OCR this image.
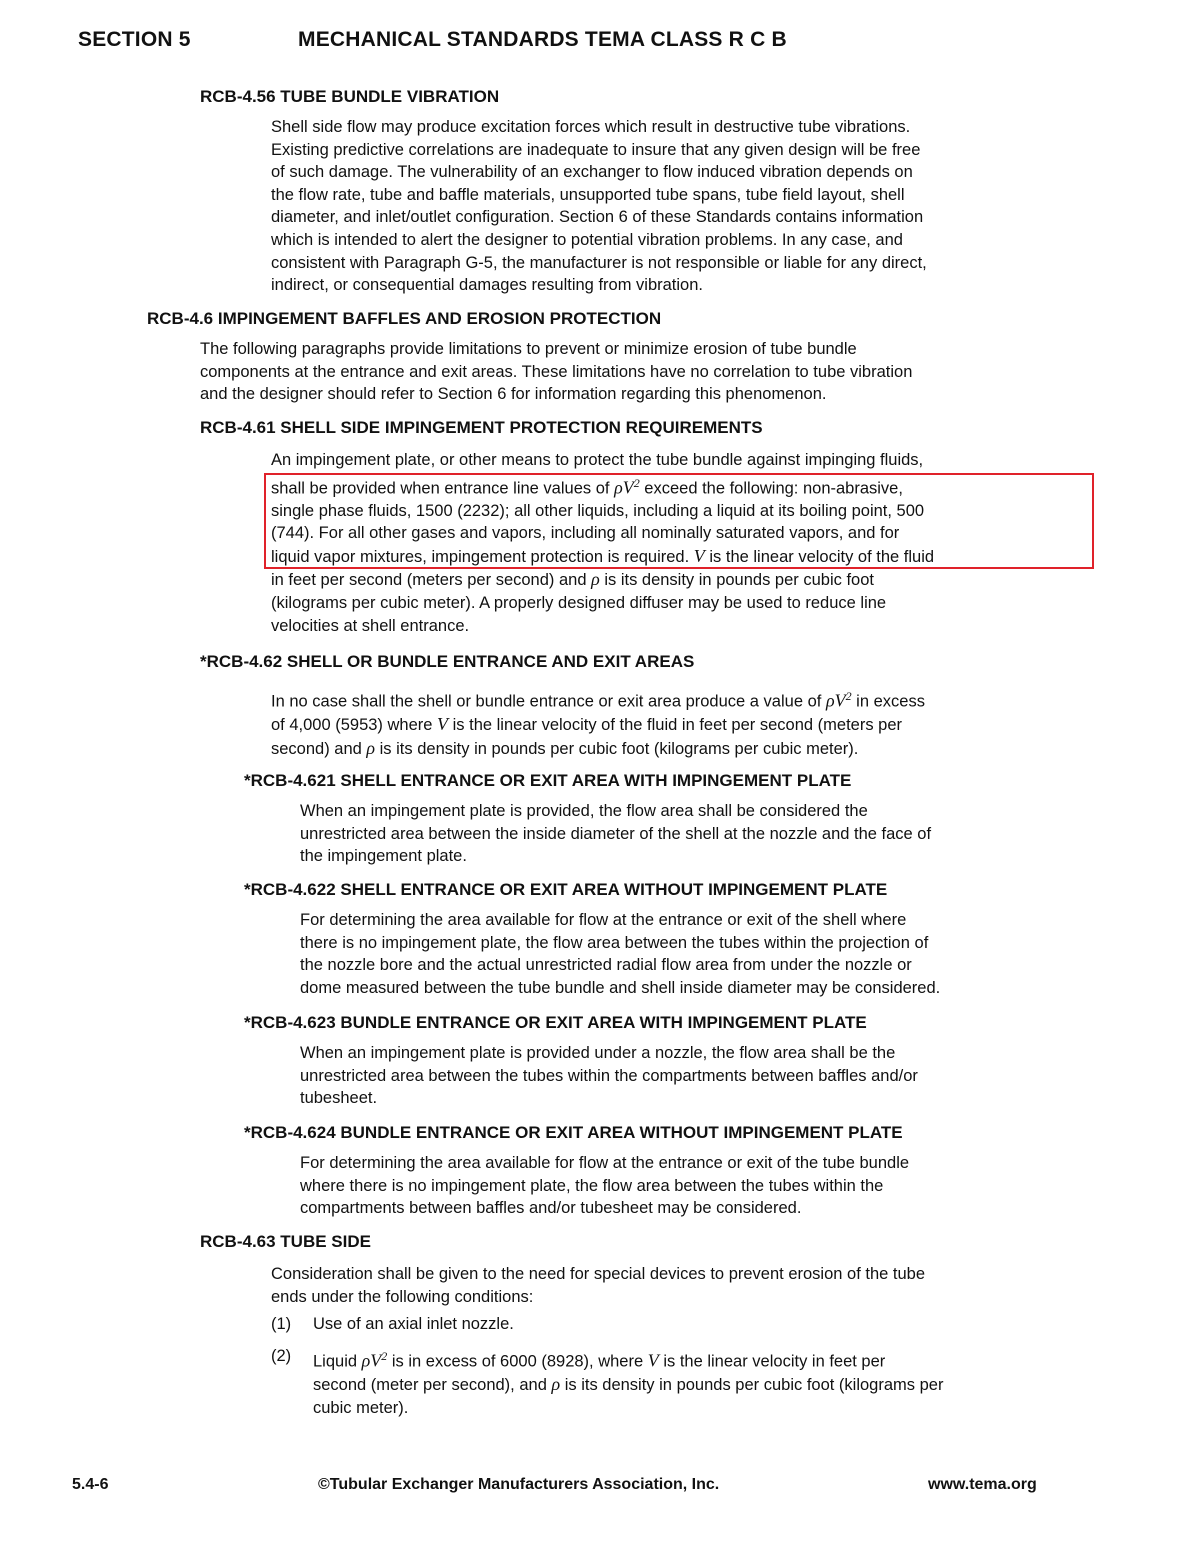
SECTION 5	MECHANICAL STANDARDS TEMA CLASS R C B
RCB-4.56 TUBE BUNDLE VIBRATION
Shell side flow may produce excitation forces which result in destructive tube vibrations.
Existing predictive correlations are inadequate to insure that any given design will be free
of such damage. The vulnerability of an exchanger to flow induced vibration depends on
the flow rate, tube and baffle materials, unsupported tube spans, tube field layout, shell
diameter, and inlet/outlet configuration. Section 6 of these Standards contains information
which is intended to alert the designer to potential vibration problems. In any case, and
consistent with Paragraph G-5, the manufacturer is not responsible or liable for any direct,
indirect, or consequential damages resulting from vibration.
RCB-4.6 IMPINGEMENT BAFFLES AND EROSION PROTECTION
The following paragraphs provide limitations to prevent or minimize erosion of tube bundle
components at the entrance and exit areas. These limitations have no correlation to tube vibration
and the designer should refer to Section 6 for information regarding this phenomenon.
RCB-4.61 SHELL SIDE IMPINGEMENT PROTECTION REQUIREMENTS
An impingement plate, or other means to protect the tube bundle against impinging fluids,
shall be provided when entrance line values of $\rho V^2$ exceed the following: non-abrasive,
single phase fluids, 1500 (2232); all other liquids, including a liquid at its boiling point, 500
(744). For all other gases and vapors, including all nominally saturated vapors, and for
liquid vapor mixtures, impingement protection is required. V is the linear velocity of the fluid
in feet per second (meters per second) and ρ is its density in pounds per cubic foot
(kilograms per cubic meter). A properly designed diffuser may be used to reduce line
velocities at shell entrance.
*RCB-4.62 SHELL OR BUNDLE ENTRANCE AND EXIT AREAS
In no case shall the shell or bundle entrance or exit area produce a value of $\rho V^2$ in excess
of 4,000 (5953) where V is the linear velocity of the fluid in feet per second (meters per
second) and ρ is its density in pounds per cubic foot (kilograms per cubic meter).
*RCB-4.621 SHELL ENTRANCE OR EXIT AREA WITH IMPINGEMENT PLATE
When an impingement plate is provided, the flow area shall be considered the
unrestricted area between the inside diameter of the shell at the nozzle and the face of
the impingement plate.
*RCB-4.622 SHELL ENTRANCE OR EXIT AREA WITHOUT IMPINGEMENT PLATE
For determining the area available for flow at the entrance or exit of the shell where
there is no impingement plate, the flow area between the tubes within the projection of
the nozzle bore and the actual unrestricted radial flow area from under the nozzle or
dome measured between the tube bundle and shell inside diameter may be considered.
*RCB-4.623 BUNDLE ENTRANCE OR EXIT AREA WITH IMPINGEMENT PLATE
When an impingement plate is provided under a nozzle, the flow area shall be the
unrestricted area between the tubes within the compartments between baffles and/or
tubesheet.
*RCB-4.624 BUNDLE ENTRANCE OR EXIT AREA WITHOUT IMPINGEMENT PLATE
For determining the area available for flow at the entrance or exit of the tube bundle
where there is no impingement plate, the flow area between the tubes within the
compartments between baffles and/or tubesheet may be considered.
RCB-4.63 TUBE SIDE
Consideration shall be given to the need for special devices to prevent erosion of the tube
ends under the following conditions:
(1) Use of an axial inlet nozzle.
(2) Liquid $\rho V^2$ is in excess of 6000 (8928), where V is the linear velocity in feet per
second (meter per second), and ρ is its density in pounds per cubic foot (kilograms per
cubic meter).
5.4-6	©Tubular Exchanger Manufacturers Association, Inc.	www.tema.org
